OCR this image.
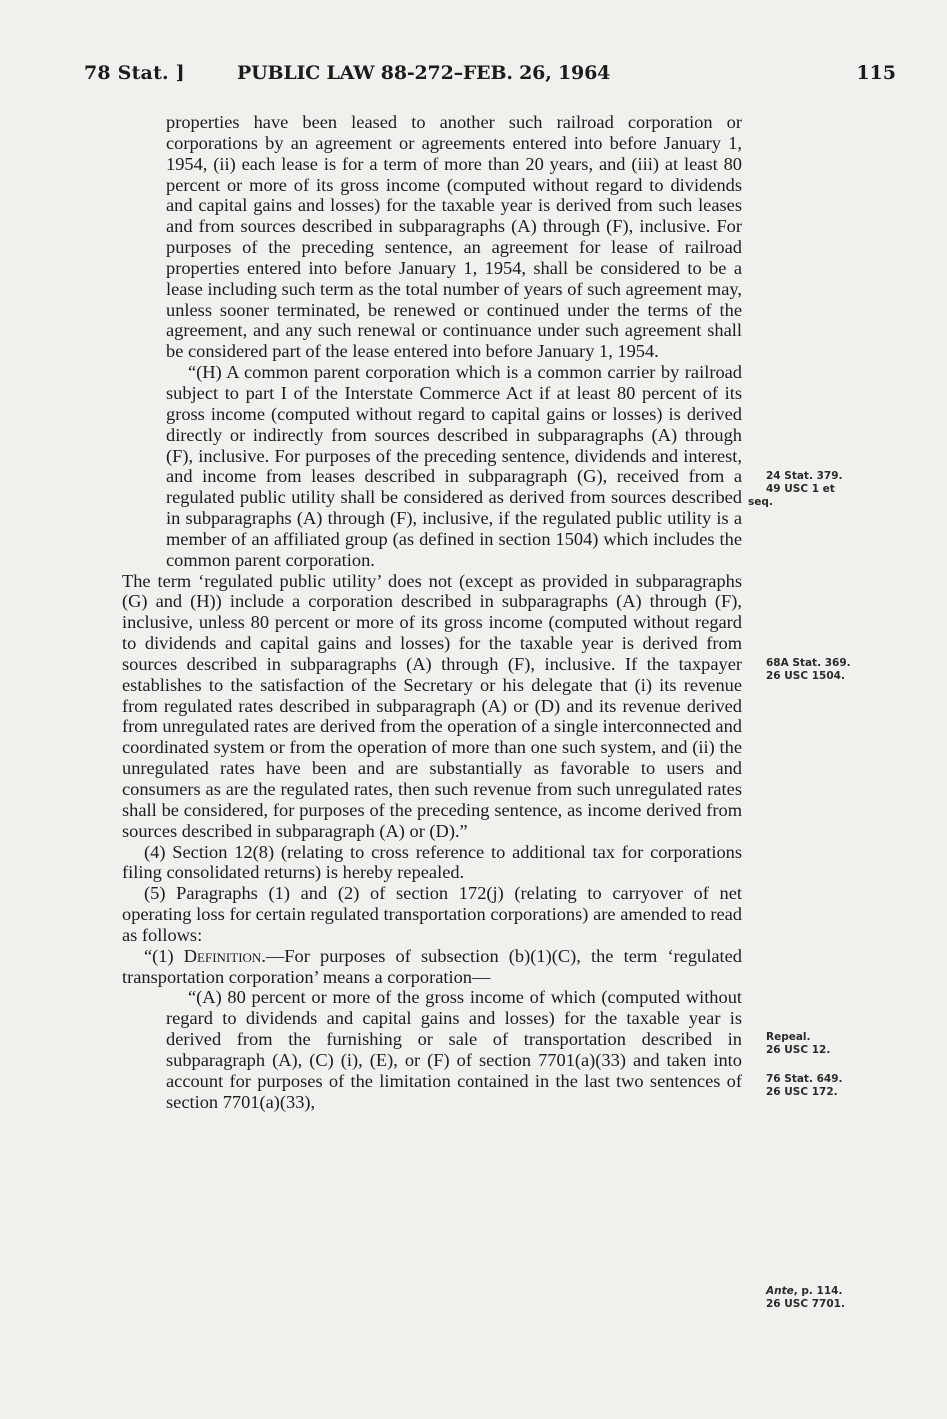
78 Stat. ]	PUBLIC LAW 88-272–FEB. 26, 1964	115

properties have been leased to another such railroad corporation or corporations by an agreement or agreements entered into before January 1, 1954, (ii) each lease is for a term of more than 20 years, and (iii) at least 80 percent or more of its gross income (computed without regard to dividends and capital gains and losses) for the taxable year is derived from such leases and from sources described in subparagraphs (A) through (F), inclusive. For purposes of the preceding sentence, an agreement for lease of railroad properties entered into before January 1, 1954, shall be considered to be a lease including such term as the total number of years of such agreement may, unless sooner terminated, be renewed or continued under the terms of the agreement, and any such renewal or continuance under such agreement shall be considered part of the lease entered into before January 1, 1954.

“(H) A common parent corporation which is a common carrier by railroad subject to part I of the Interstate Commerce Act if at least 80 percent of its gross income (computed without regard to capital gains or losses) is derived directly or indirectly from sources described in subparagraphs (A) through (F), inclusive. For purposes of the preceding sentence, dividends and interest, and income from leases described in subparagraph (G), received from a regulated public utility shall be considered as derived from sources described in subparagraphs (A) through (F), inclusive, if the regulated public utility is a member of an affiliated group (as defined in section 1504) which includes the common parent corporation.

The term ‘regulated public utility’ does not (except as provided in subparagraphs (G) and (H)) include a corporation described in subparagraphs (A) through (F), inclusive, unless 80 percent or more of its gross income (computed without regard to dividends and capital gains and losses) for the taxable year is derived from sources described in subparagraphs (A) through (F), inclusive. If the taxpayer establishes to the satisfaction of the Secretary or his delegate that (i) its revenue from regulated rates described in subparagraph (A) or (D) and its revenue derived from unregulated rates are derived from the operation of a single interconnected and coordinated system or from the operation of more than one such system, and (ii) the unregulated rates have been and are substantially as favorable to users and consumers as are the regulated rates, then such revenue from such unregulated rates shall be considered, for purposes of the preceding sentence, as income derived from sources described in subparagraph (A) or (D).”

(4) Section 12(8) (relating to cross reference to additional tax for corporations filing consolidated returns) is hereby repealed.

(5) Paragraphs (1) and (2) of section 172(j) (relating to carryover of net operating loss for certain regulated transportation corporations) are amended to read as follows:

“(1) Definition.—For purposes of subsection (b)(1)(C), the term ‘regulated transportation corporation’ means a corporation—

“(A) 80 percent or more of the gross income of which (computed without regard to dividends and capital gains and losses) for the taxable year is derived from the furnishing or sale of transportation described in subparagraph (A), (C) (i), (E), or (F) of section 7701(a)(33) and taken into account for purposes of the limitation contained in the last two sentences of section 7701(a)(33),

24 Stat. 379.
49 USC 1 et
seq.
68A Stat. 369.
26 USC 1504.
Repeal.
26 USC 12.
76 Stat. 649.
26 USC 172.
Ante, p. 114.
26 USC 7701.
